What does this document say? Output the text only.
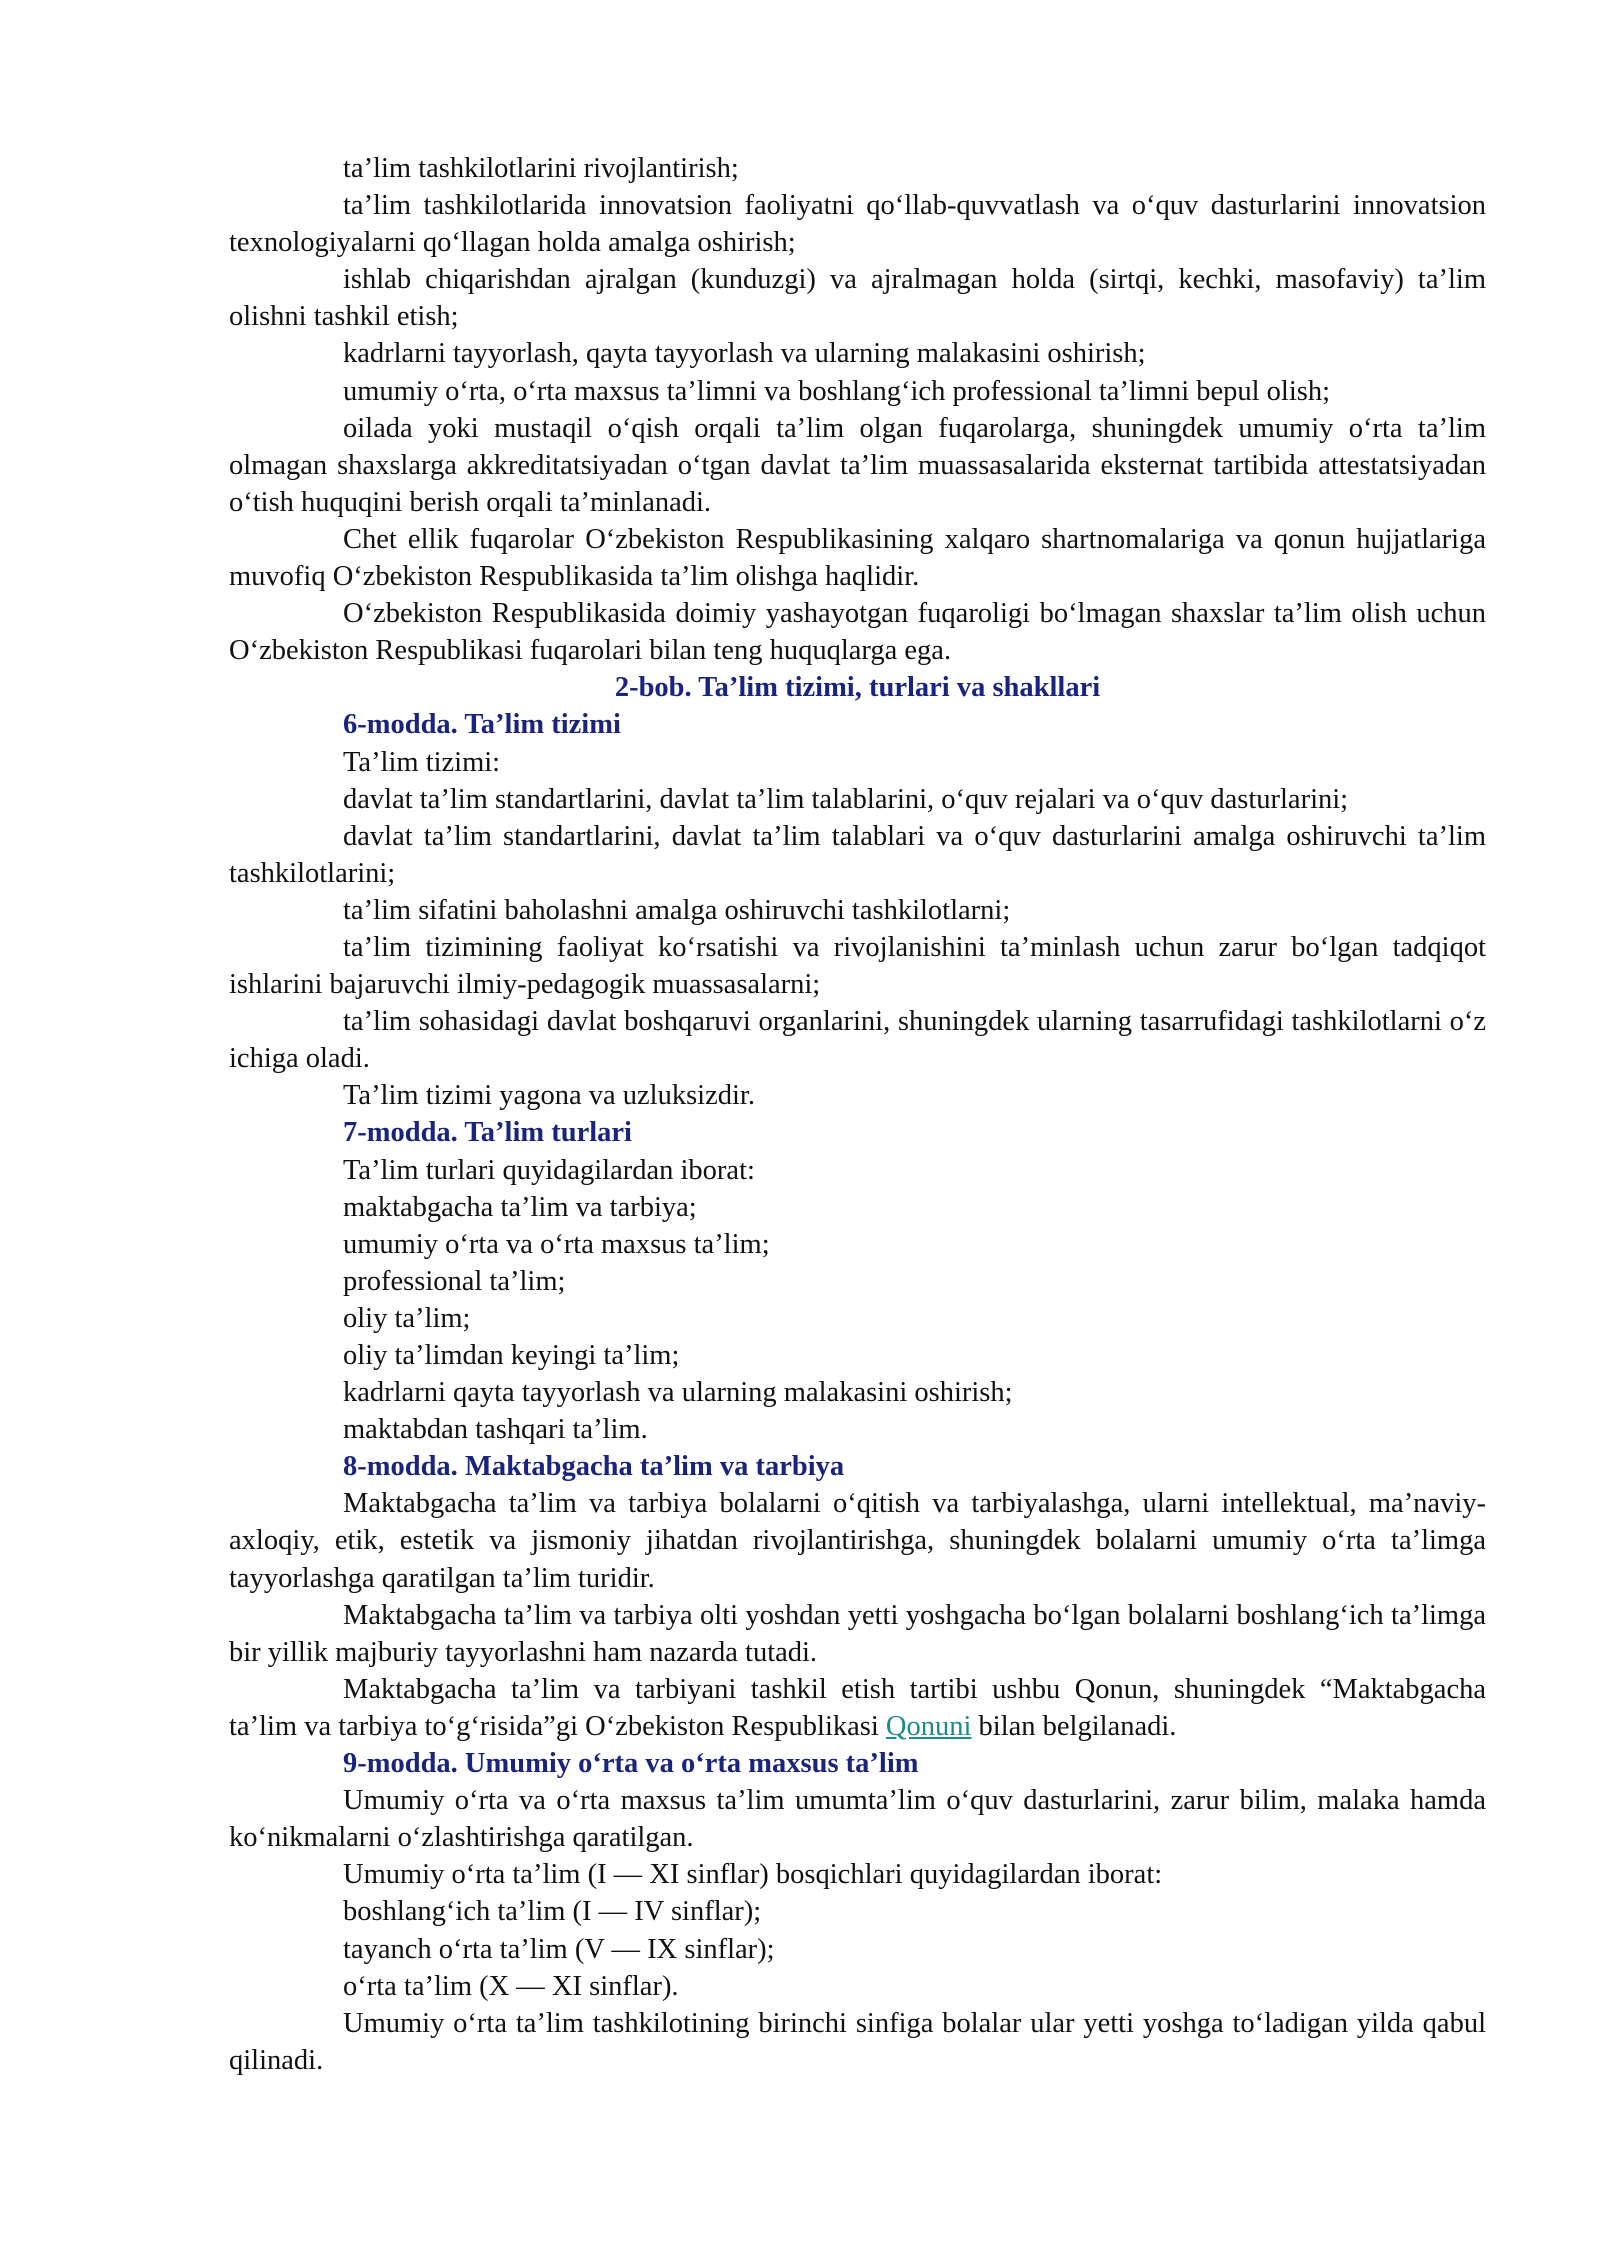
ta’lim tashkilotlarini rivojlantirish;

ta’lim tashkilotlarida innovatsion faoliyatni qo‘llab-quvvatlash va o‘quv dasturlarini innovatsion texnologiyalarni qo‘llagan holda amalga oshirish;

ishlab chiqarishdan ajralgan (kunduzgi) va ajralmagan holda (sirtqi, kechki, masofaviy) ta’lim olishni tashkil etish;

kadrlarni tayyorlash, qayta tayyorlash va ularning malakasini oshirish;

umumiy o‘rta, o‘rta maxsus ta’limni va boshlang‘ich professional ta’limni bepul olish;

oilada yoki mustaqil o‘qish orqali ta’lim olgan fuqarolarga, shuningdek umumiy o‘rta ta’lim olmagan shaxslarga akkreditatsiyadan o‘tgan davlat ta’lim muassasalarida eksternat tartibida attestatsiyadan o‘tish huquqini berish orqali ta’minlanadi.

Chet ellik fuqarolar O‘zbekiston Respublikasining xalqaro shartnomalariga va qonun hujjatlariga muvofiq O‘zbekiston Respublikasida ta’lim olishga haqlidir.

O‘zbekiston Respublikasida doimiy yashayotgan fuqaroligi bo‘lmagan shaxslar ta’lim olish uchun O‘zbekiston Respublikasi fuqarolari bilan teng huquqlarga ega.

2-bob. Ta’lim tizimi, turlari va shakllari

6-modda. Ta’lim tizimi

Ta’lim tizimi:

davlat ta’lim standartlarini, davlat ta’lim talablarini, o‘quv rejalari va o‘quv dasturlarini;

davlat ta’lim standartlarini, davlat ta’lim talablari va o‘quv dasturlarini amalga oshiruvchi ta’lim tashkilotlarini;

ta’lim sifatini baholashni amalga oshiruvchi tashkilotlarni;

ta’lim tizimining faoliyat ko‘rsatishi va rivojlanishini ta’minlash uchun zarur bo‘lgan tadqiqot ishlarini bajaruvchi ilmiy-pedagogik muassasalarni;

ta’lim sohasidagi davlat boshqaruvi organlarini, shuningdek ularning tasarrufidagi tashkilotlarni o‘z ichiga oladi.

Ta’lim tizimi yagona va uzluksizdir.

7-modda. Ta’lim turlari

Ta’lim turlari quyidagilardan iborat:

maktabgacha ta’lim va tarbiya;

umumiy o‘rta va o‘rta maxsus ta’lim;

professional ta’lim;

oliy ta’lim;

oliy ta’limdan keyingi ta’lim;

kadrlarni qayta tayyorlash va ularning malakasini oshirish;

maktabdan tashqari ta’lim.

8-modda. Maktabgacha ta’lim va tarbiya

Maktabgacha ta’lim va tarbiya bolalarni o‘qitish va tarbiyalashga, ularni intellektual, ma’naviy-axloqiy, etik, estetik va jismoniy jihatdan rivojlantirishga, shuningdek bolalarni umumiy o‘rta ta’limga tayyorlashga qaratilgan ta’lim turidir.

Maktabgacha ta’lim va tarbiya olti yoshdan yetti yoshgacha bo‘lgan bolalarni boshlang‘ich ta’limga bir yillik majburiy tayyorlashni ham nazarda tutadi.

Maktabgacha ta’lim va tarbiyani tashkil etish tartibi ushbu Qonun, shuningdek “Maktabgacha ta’lim va tarbiya to‘g‘risida”gi O‘zbekiston Respublikasi Qonuni bilan belgilanadi.

9-modda. Umumiy o‘rta va o‘rta maxsus ta’lim

Umumiy o‘rta va o‘rta maxsus ta’lim umumta’lim o‘quv dasturlarini, zarur bilim, malaka hamda ko‘nikmalarni o‘zlashtirishga qaratilgan.

Umumiy o‘rta ta’lim (I — XI sinflar) bosqichlari quyidagilardan iborat:

boshlang‘ich ta’lim (I — IV sinflar);

tayanch o‘rta ta’lim (V — IX sinflar);

o‘rta ta’lim (X — XI sinflar).

Umumiy o‘rta ta’lim tashkilotining birinchi sinfiga bolalar ular yetti yoshga to‘ladigan yilda qabul qilinadi.
